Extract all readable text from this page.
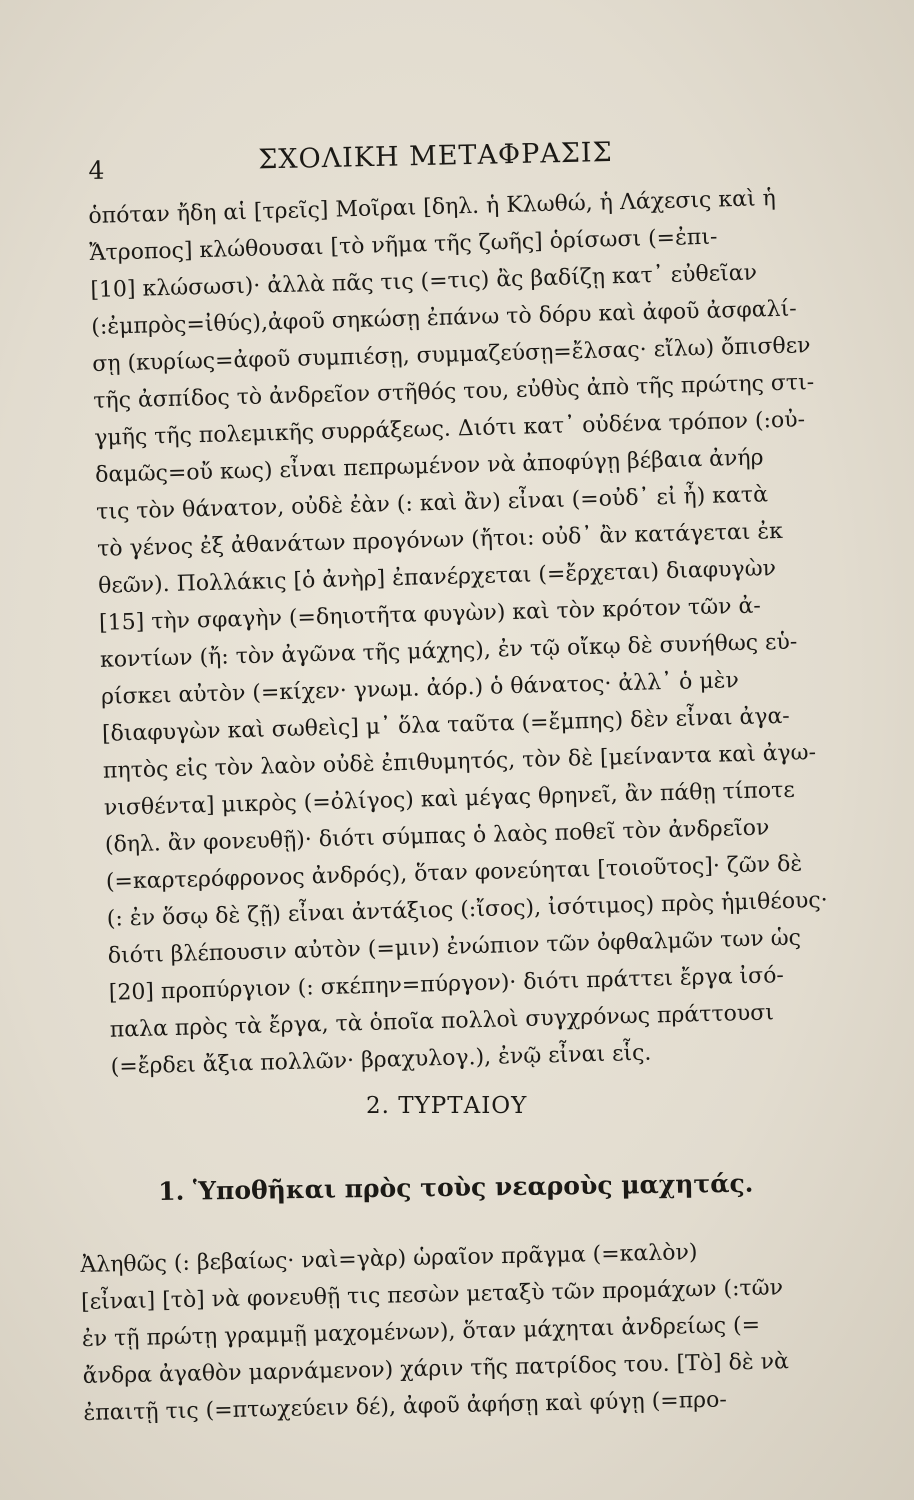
4	ΣΧΟΛΙΚΗ ΜΕΤΑΦΡΑΣΙΣ
ὁπόταν ἤδη αἱ [τρεῖς] Μοῖραι [δηλ. ἡ Κλωθώ, ἡ Λάχεσις καὶ ἡ
Ἄτροπος] κλώθουσαι [τὸ νῆμα τῆς ζωῆς] ὁρίσωσι (=ἐπι-
[10] κλώσωσι)· ἀλλὰ πᾶς τις (=τις) ἂς βαδίζῃ κατ᾽ εὐθεῖαν
(:ἐμπρὸς=ἰθύς),ἀφοῦ σηκώσῃ ἐπάνω τὸ δόρυ καὶ ἀφοῦ ἀσφαλί-
σῃ (κυρίως=ἀφοῦ συμπιέσῃ, συμμαζεύσῃ=ἔλσας· εἴλω) ὄπισθεν
τῆς ἀσπίδος τὸ ἀνδρεῖον στῆθός του, εὐθὺς ἀπὸ τῆς πρώτης στι-
γμῆς τῆς πολεμικῆς συρράξεως. Διότι κατ᾽ οὐδένα τρόπον (:οὐ-
δαμῶς=οὔ κως) εἶναι πεπρωμένον νὰ ἀποφύγῃ βέβαια ἀνήρ
τις τὸν θάνατον, οὐδὲ ἐὰν (: καὶ ἂν) εἶναι (=οὐδ᾽ εἰ ἦ) κατὰ
τὸ γένος ἐξ ἀθανάτων προγόνων (ἤτοι: οὐδ᾽ ἂν κατάγεται ἐκ
θεῶν). Πολλάκις [ὁ ἀνὴρ] ἐπανέρχεται (=ἔρχεται) διαφυγὼν
[15] τὴν σφαγὴν (=δηιοτῆτα φυγὼν) καὶ τὸν κρότον τῶν ἀ-
κοντίων (ἤ: τὸν ἀγῶνα τῆς μάχης), ἐν τῷ οἴκῳ δὲ συνήθως εὑ-
ρίσκει αὐτὸν (=κίχεν· γνωμ. ἀόρ.) ὁ θάνατος· ἀλλ᾽ ὁ μὲν
[διαφυγὼν καὶ σωθεὶς] μ᾽ ὅλα ταῦτα (=ἔμπης) δὲν εἶναι ἀγα-
πητὸς εἰς τὸν λαὸν οὐδὲ ἐπιθυμητός, τὸν δὲ [μείναντα καὶ ἀγω-
νισθέντα] μικρὸς (=ὀλίγος) καὶ μέγας θρηνεῖ, ἂν πάθῃ τίποτε
(δηλ. ἂν φονευθῇ)· διότι σύμπας ὁ λαὸς ποθεῖ τὸν ἀνδρεῖον
(=καρτερόφρονος ἀνδρός), ὅταν φονεύηται [τοιοῦτος]· ζῶν δὲ
(: ἐν ὅσῳ δὲ ζῇ) εἶναι ἀντάξιος (:ἴσος), ἰσότιμος) πρὸς ἡμιθέους·
διότι βλέπουσιν αὐτὸν (=μιν) ἐνώπιον τῶν ὀφθαλμῶν των ὡς
[20] προπύργιον (: σκέπην=πύργον)· διότι πράττει ἔργα ἰσό-
παλα πρὸς τὰ ἔργα, τὰ ὁποῖα πολλοὶ συγχρόνως πράττουσι
(=ἔρδει ἄξια πολλῶν· βραχυλογ.), ἐνῷ εἶναι εἷς.
2. ΤΥΡΤΑΙΟΥ
1. Ὑποθῆκαι πρὸς τοὺς νεαροὺς μαχητάς.
Ἀληθῶς (: βεβαίως· ναὶ=γὰρ) ὡραῖον πρᾶγμα (=καλὸν)
[εἶναι] [τὸ] νὰ φονευθῇ τις πεσὼν μεταξὺ τῶν προμάχων (:τῶν
ἐν τῇ πρώτῃ γραμμῇ μαχομένων), ὅταν μάχηται ἀνδρείως (=
ἄνδρα ἀγαθὸν μαρνάμενον) χάριν τῆς πατρίδος του. [Τὸ] δὲ νὰ
ἐπαιτῇ τις (=πτωχεύειν δέ), ἀφοῦ ἀφήσῃ καὶ φύγῃ (=προ-
